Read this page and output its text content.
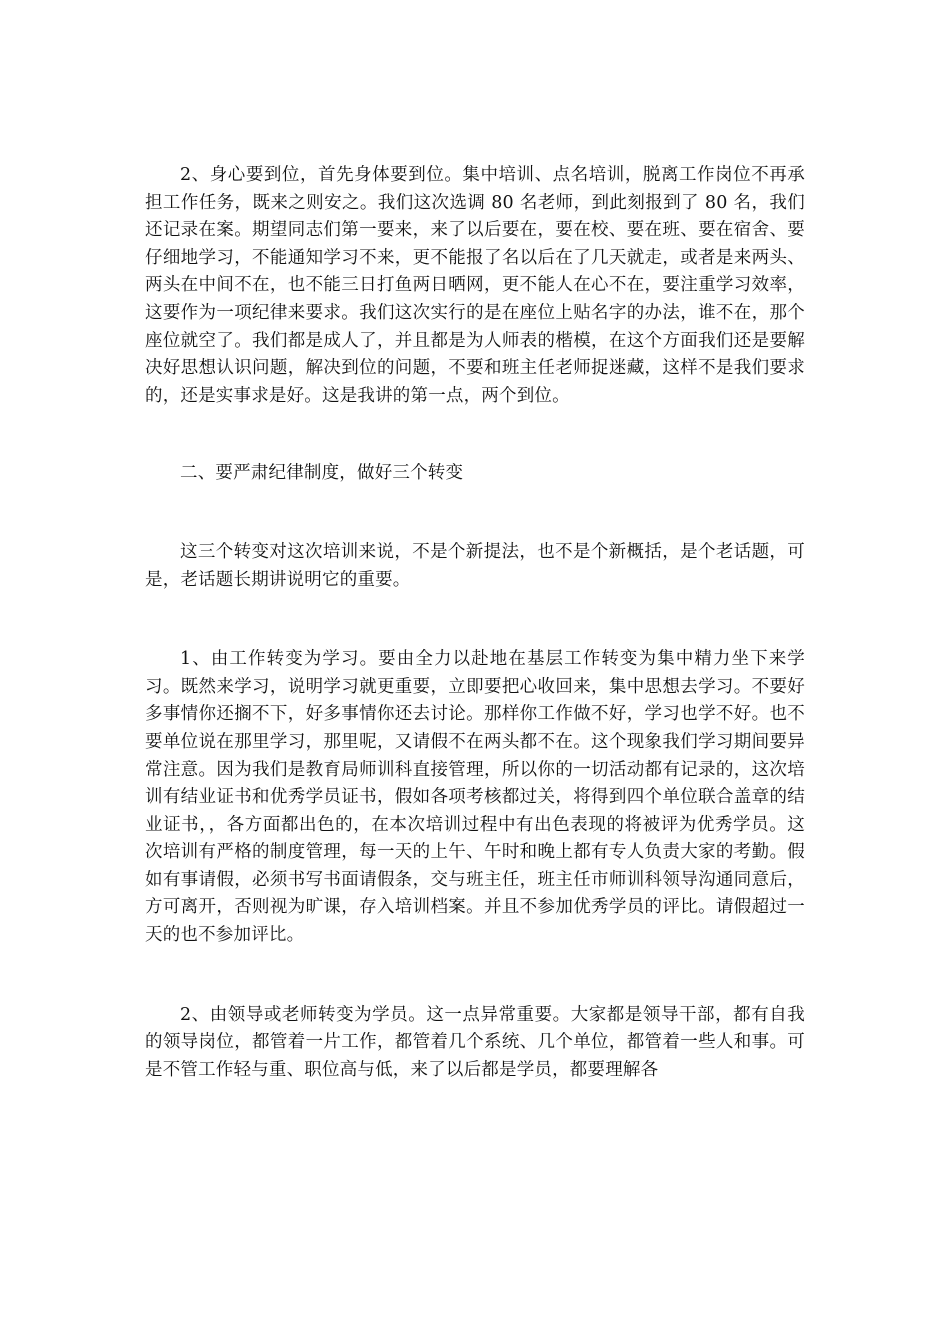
2、身心要到位，首先身体要到位。集中培训、点名培训，脱离工作岗位不再承担工作任务，既来之则安之。我们这次选调 80 名老师，到此刻报到了 80 名，我们还记录在案。期望同志们第一要来，来了以后要在，要在校、要在班、要在宿舍、要仔细地学习，不能通知学习不来，更不能报了名以后在了几天就走，或者是来两头、两头在中间不在，也不能三日打鱼两日晒网，更不能人在心不在，要注重学习效率，这要作为一项纪律来要求。我们这次实行的是在座位上贴名字的办法，谁不在，那个座位就空了。我们都是成人了，并且都是为人师表的楷模，在这个方面我们还是要解决好思想认识问题，解决到位的问题，不要和班主任老师捉迷藏，这样不是我们要求的，还是实事求是好。这是我讲的第一点，两个到位。

二、要严肃纪律制度，做好三个转变

这三个转变对这次培训来说，不是个新提法，也不是个新概括，是个老话题，可是，老话题长期讲说明它的重要。

1、由工作转变为学习。要由全力以赴地在基层工作转变为集中精力坐下来学习。既然来学习，说明学习就更重要，立即要把心收回来，集中思想去学习。不要好多事情你还搁不下，好多事情你还去讨论。那样你工作做不好，学习也学不好。也不要单位说在那里学习，那里呢，又请假不在两头都不在。这个现象我们学习期间要异常注意。因为我们是教育局师训科直接管理，所以你的一切活动都有记录的，这次培训有结业证书和优秀学员证书，假如各项考核都过关，将得到四个单位联合盖章的结业证书，，各方面都出色的，在本次培训过程中有出色表现的将被评为优秀学员。这次培训有严格的制度管理，每一天的上午、午时和晚上都有专人负责大家的考勤。假如有事请假，必须书写书面请假条，交与班主任，班主任市师训科领导沟通同意后，方可离开，否则视为旷课，存入培训档案。并且不参加优秀学员的评比。请假超过一天的也不参加评比。

2、由领导或老师转变为学员。这一点异常重要。大家都是领导干部，都有自我的领导岗位，都管着一片工作，都管着几个系统、几个单位，都管着一些人和事。可是不管工作轻与重、职位高与低，来了以后都是学员，都要理解各
